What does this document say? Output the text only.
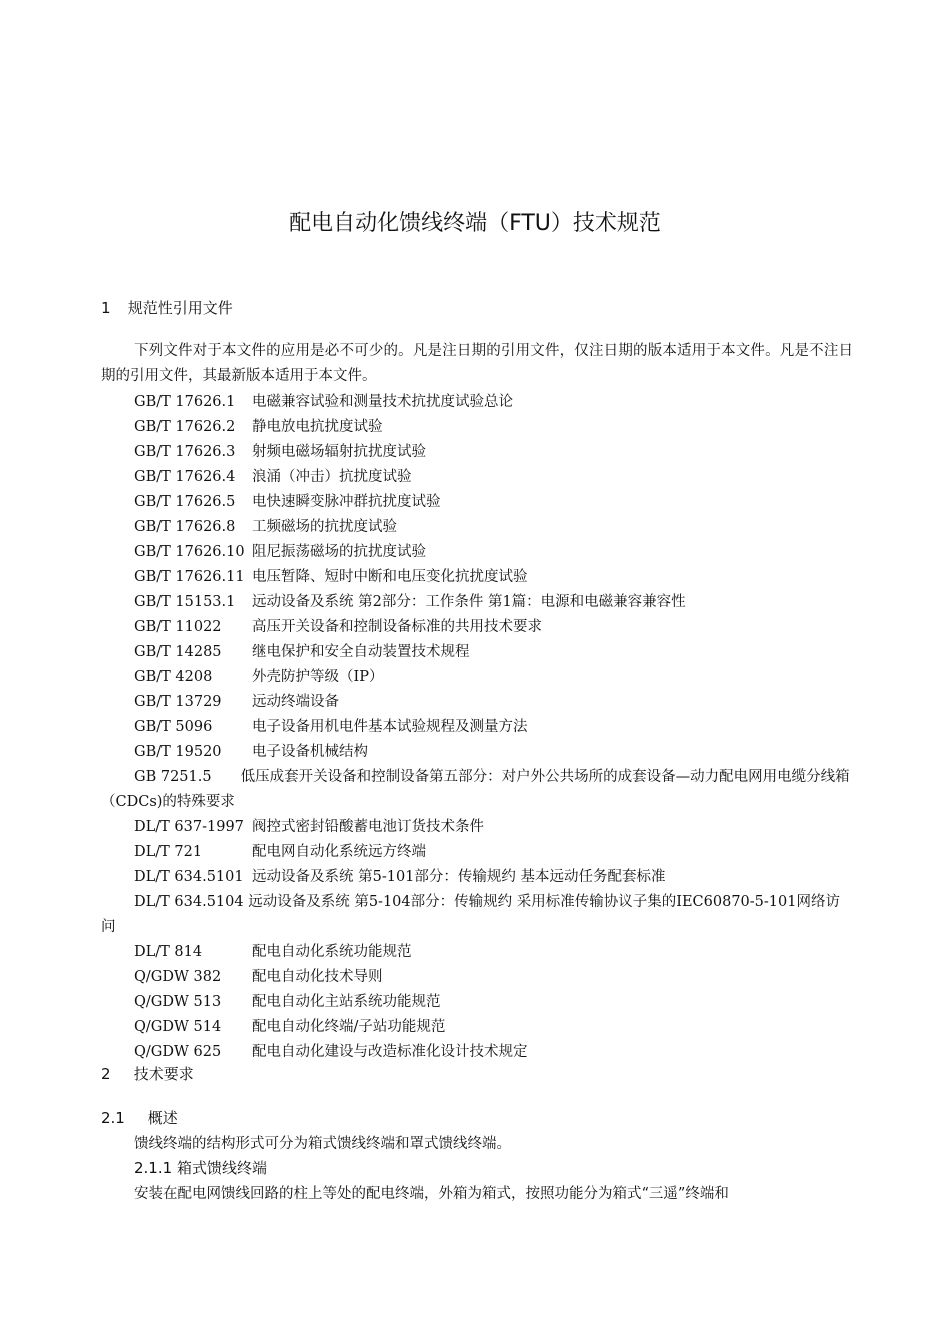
配电自动化馈线终端（FTU）技术规范
1 规范性引用文件
下列文件对于本文件的应用是必不可少的。凡是注日期的引用文件，仅注日期的版本适用于本文件。凡是不注日期的引用文件，其最新版本适用于本文件。
GB/T 17626.1 电磁兼容试验和测量技术抗扰度试验总论
GB/T 17626.2 静电放电抗扰度试验
GB/T 17626.3 射频电磁场辐射抗扰度试验
GB/T 17626.4 浪涌（冲击）抗扰度试验
GB/T 17626.5 电快速瞬变脉冲群抗扰度试验
GB/T 17626.8 工频磁场的抗扰度试验
GB/T 17626.10 阻尼振荡磁场的抗扰度试验
GB/T 17626.11 电压暂降、短时中断和电压变化抗扰度试验
GB/T 15153.1 远动设备及系统 第2部分：工作条件 第1篇：电源和电磁兼容兼容性
GB/T 11022 高压开关设备和控制设备标准的共用技术要求
GB/T 14285 继电保护和安全自动装置技术规程
GB/T 4208	外壳防护等级（IP）
GB/T 13729 远动终端设备
GB/T 5096	电子设备用机电件基本试验规程及测量方法
GB/T 19520 电子设备机械结构
GB 7251.5　　低压成套开关设备和控制设备第五部分：对户外公共场所的成套设备—动力配电网用电缆分线箱（CDCs)的特殊要求
DL/T 637-1997 阀控式密封铅酸蓄电池订货技术条件
DL/T 721	配电网自动化系统远方终端
DL/T 634.5101 远动设备及系统 第5-101部分：传输规约 基本远动任务配套标准
DL/T 634.5104 远动设备及系统 第5-104部分：传输规约 采用标准传输协议子集的IEC60870-5-101网络访问
DL/T 814	配电自动化系统功能规范
Q/GDW 382 配电自动化技术导则
Q/GDW 513 配电自动化主站系统功能规范
Q/GDW 514 配电自动化终端/子站功能规范
Q/GDW 625 配电自动化建设与改造标准化设计技术规定
2 技术要求
2.1 概述
馈线终端的结构形式可分为箱式馈线终端和罩式馈线终端。
2.1.1 箱式馈线终端
安装在配电网馈线回路的柱上等处的配电终端，外箱为箱式，按照功能分为箱式“三遥”终端和
